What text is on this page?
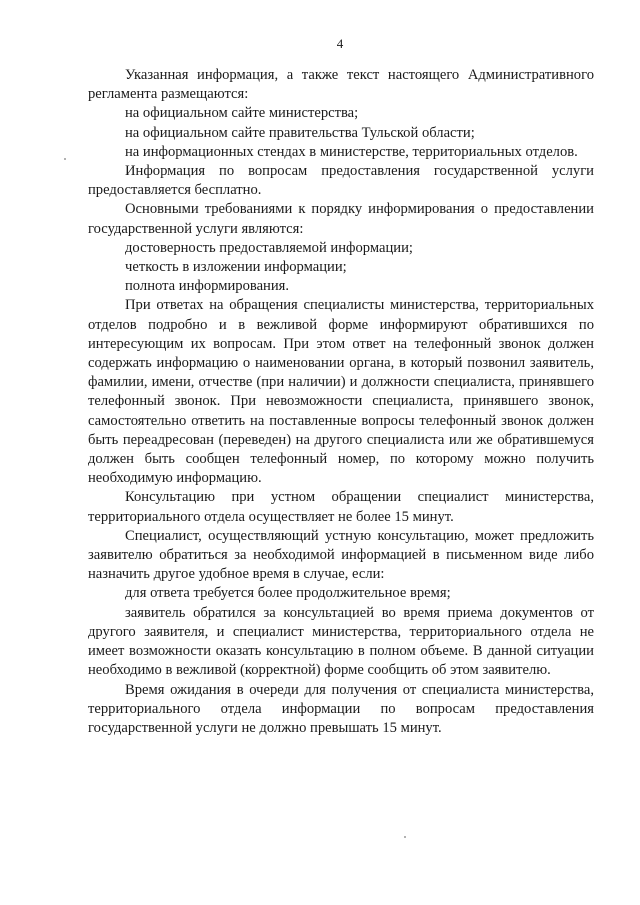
4

Указанная информация, а также текст настоящего Административного регламента размещаются:

на официальном сайте министерства;

на официальном сайте правительства Тульской области;

на информационных стендах в министерстве, территориальных отделов.

Информация по вопросам предоставления государственной услуги предоставляется бесплатно.

Основными требованиями к порядку информирования о предоставлении государственной услуги являются:

достоверность предоставляемой информации;

четкость в изложении информации;

полнота информирования.

При ответах на обращения специалисты министерства, территориальных отделов подробно и в вежливой форме информируют обратившихся по интересующим их вопросам. При этом ответ на телефонный звонок должен содержать информацию о наименовании органа, в который позвонил заявитель, фамилии, имени, отчестве (при наличии) и должности специалиста, принявшего телефонный звонок. При невозможности специалиста, принявшего звонок, самостоятельно ответить на поставленные вопросы телефонный звонок должен быть переадресован (переведен) на другого специалиста или же обратившемуся должен быть сообщен телефонный номер, по которому можно получить необходимую информацию.

Консультацию при устном обращении специалист министерства, территориального отдела осуществляет не более 15 минут.

Специалист, осуществляющий устную консультацию, может предложить заявителю обратиться за необходимой информацией в письменном виде либо назначить другое удобное время в случае, если:

для ответа требуется более продолжительное время;

заявитель обратился за консультацией во время приема документов от другого заявителя, и специалист министерства, территориального отдела не имеет возможности оказать консультацию в полном объеме. В данной ситуации необходимо в вежливой (корректной) форме сообщить об этом заявителю.

Время ожидания в очереди для получения от специалиста министерства, территориального отдела информации по вопросам предоставления государственной услуги не должно превышать 15 минут.
